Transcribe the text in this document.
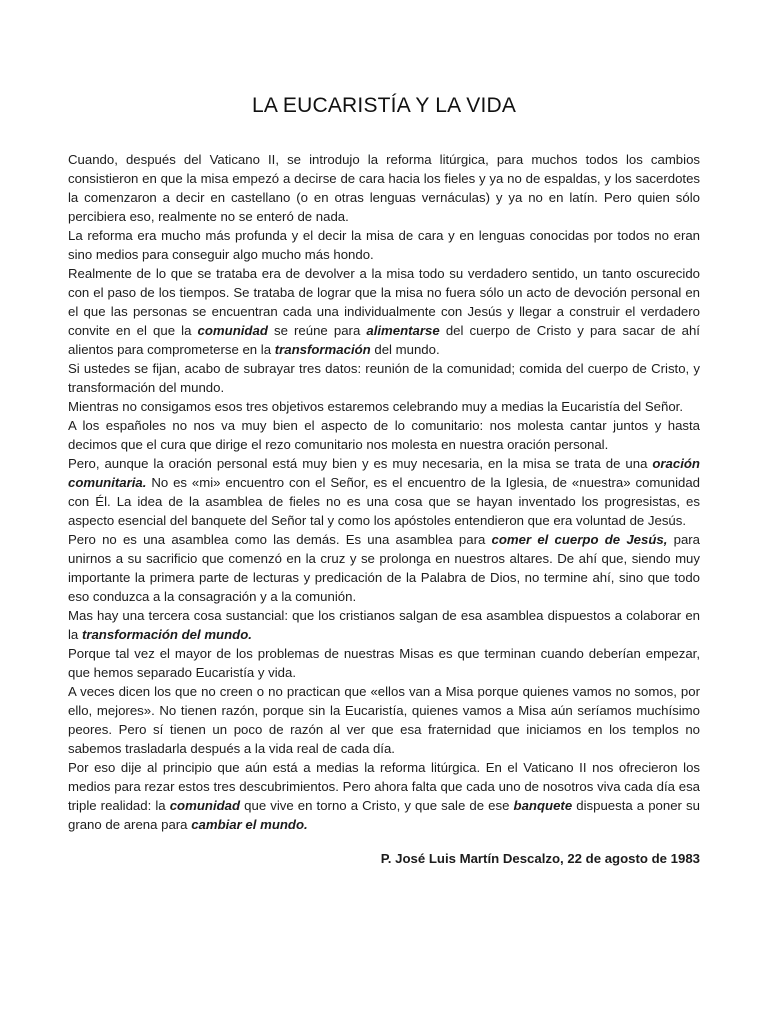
LA EUCARISTÍA Y LA VIDA

Cuando, después del Vaticano II, se introdujo la reforma litúrgica, para muchos todos los cambios consistieron en que la misa empezó a decirse de cara hacia los fieles y ya no de espaldas, y los sacerdotes la comenzaron a decir en castellano (o en otras lenguas vernáculas) y ya no en latín. Pero quien sólo percibiera eso, realmente no se enteró de nada.

La reforma era mucho más profunda y el decir la misa de cara y en lenguas conocidas por todos no eran sino medios para conseguir algo mucho más hondo.

Realmente de lo que se trataba era de devolver a la misa todo su verdadero sentido, un tanto oscurecido con el paso de los tiempos. Se trataba de lograr que la misa no fuera sólo un acto de devoción personal en el que las personas se encuentran cada una individualmente con Jesús y llegar a construir el verdadero convite en el que la comunidad se reúne para alimentarse del cuerpo de Cristo y para sacar de ahí alientos para comprometerse en la transformación del mundo.

Si ustedes se fijan, acabo de subrayar tres datos: reunión de la comunidad; comida del cuerpo de Cristo, y transformación del mundo.

Mientras no consigamos esos tres objetivos estaremos celebrando muy a medias la Eucaristía del Señor.

A los españoles no nos va muy bien el aspecto de lo comunitario: nos molesta cantar juntos y hasta decimos que el cura que dirige el rezo comunitario nos molesta en nuestra oración personal.

Pero, aunque la oración personal está muy bien y es muy necesaria, en la misa se trata de una oración comunitaria. No es «mi» encuentro con el Señor, es el encuentro de la Iglesia, de «nuestra» comunidad con Él. La idea de la asamblea de fieles no es una cosa que se hayan inventado los progresistas, es aspecto esencial del banquete del Señor tal y como los apóstoles entendieron que era voluntad de Jesús.

Pero no es una asamblea como las demás. Es una asamblea para comer el cuerpo de Jesús, para unirnos a su sacrificio que comenzó en la cruz y se prolonga en nuestros altares. De ahí que, siendo muy importante la primera parte de lecturas y predicación de la Palabra de Dios, no termine ahí, sino que todo eso conduzca a la consagración y a la comunión.

Mas hay una tercera cosa sustancial: que los cristianos salgan de esa asamblea dispuestos a colaborar en la transformación del mundo.

Porque tal vez el mayor de los problemas de nuestras Misas es que terminan cuando deberían empezar, que hemos separado Eucaristía y vida.

A veces dicen los que no creen o no practican que «ellos van a Misa porque quienes vamos no somos, por ello, mejores». No tienen razón, porque sin la Eucaristía, quienes vamos a Misa aún seríamos muchísimo peores. Pero sí tienen un poco de razón al ver que esa fraternidad que iniciamos en los templos no sabemos trasladarla después a la vida real de cada día.

Por eso dije al principio que aún está a medias la reforma litúrgica. En el Vaticano II nos ofrecieron los medios para rezar estos tres descubrimientos. Pero ahora falta que cada uno de nosotros viva cada día esa triple realidad: la comunidad que vive en torno a Cristo, y que sale de ese banquete dispuesta a poner su grano de arena para cambiar el mundo.

P. José Luis Martín Descalzo, 22 de agosto de 1983
